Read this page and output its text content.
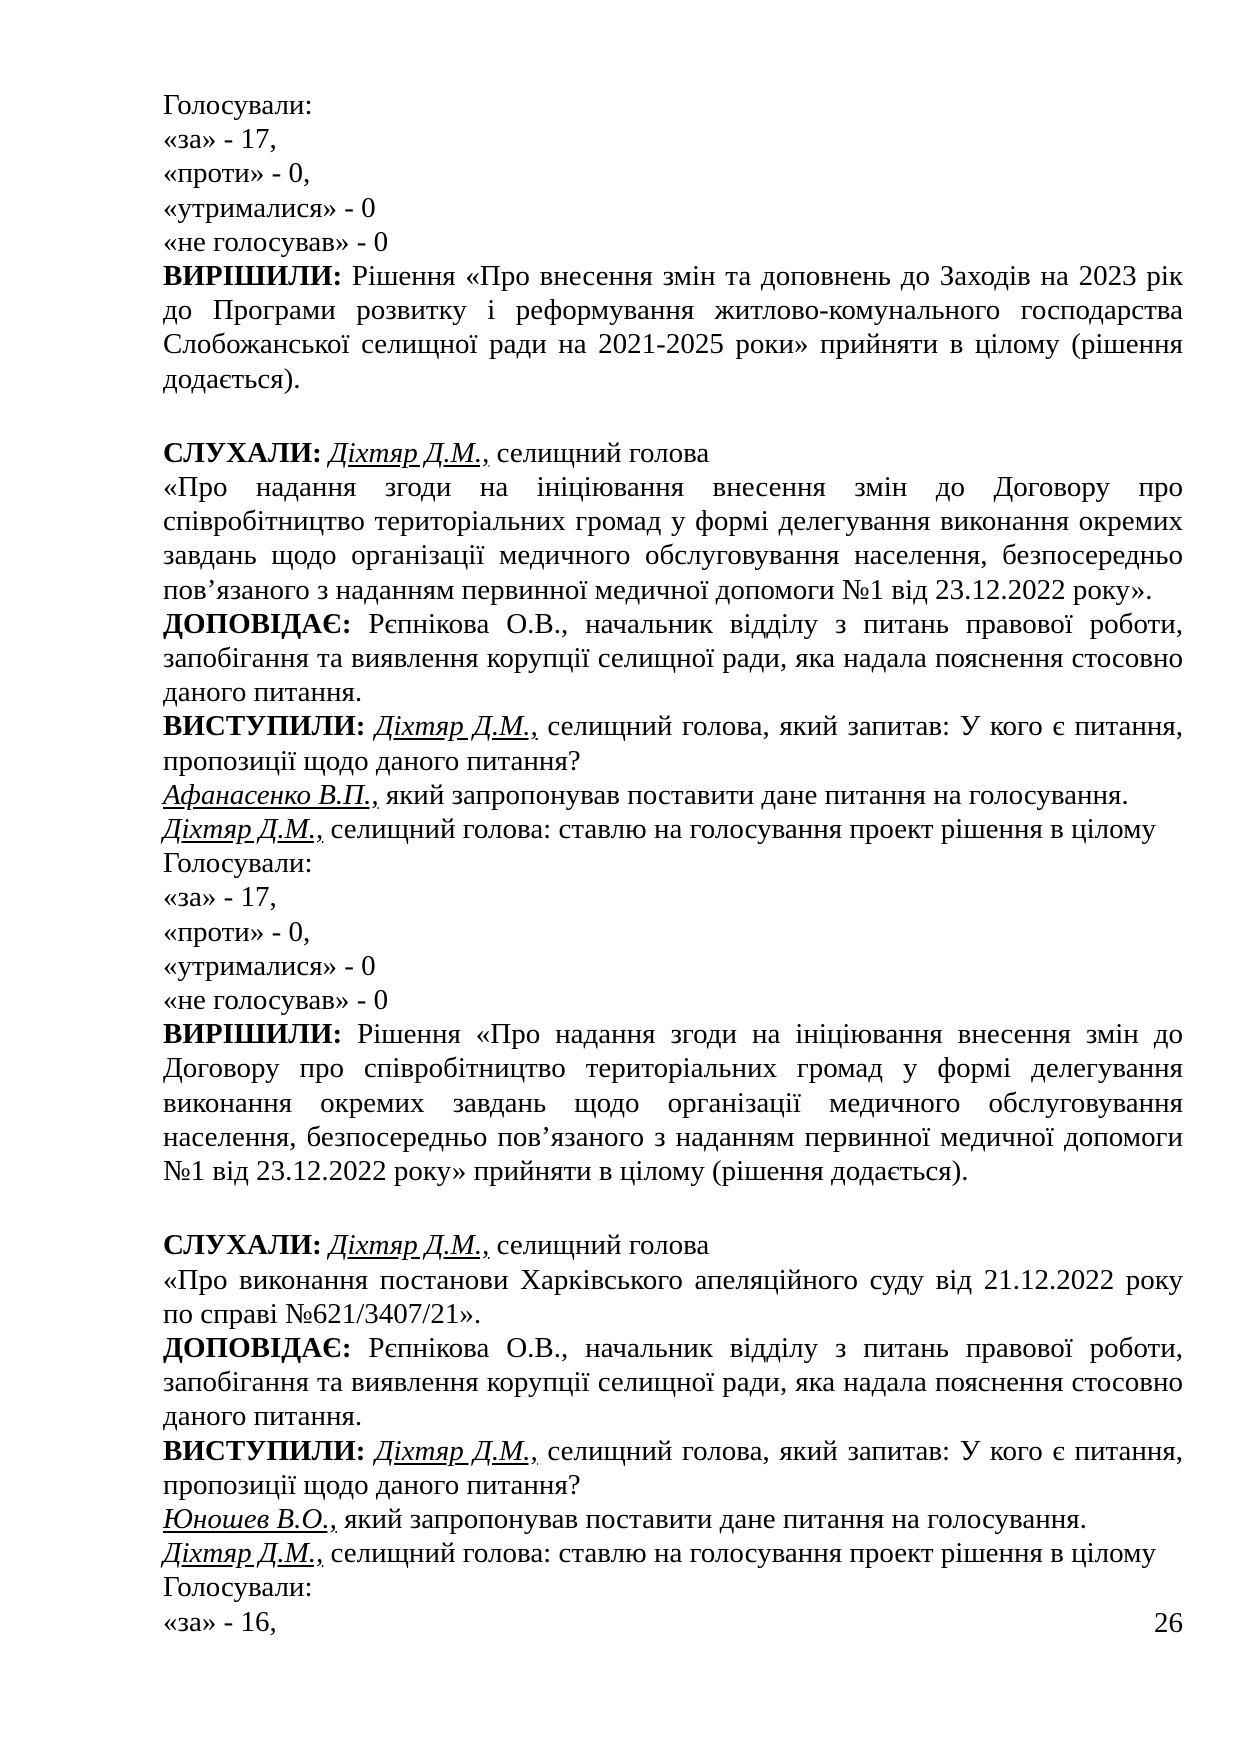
Голосували:
«за» - 17,
«проти» - 0,
«утрималися» - 0
«не голосував» - 0
ВИРІШИЛИ: Рішення «Про внесення змін та доповнень до Заходів на 2023 рік до Програми розвитку і реформування житлово-комунального господарства Слобожанської селищної ради на 2021-2025 роки» прийняти в цілому (рішення додається).
СЛУХАЛИ: Діхтяр Д.М., селищний голова
«Про надання згоди на ініціювання внесення змін до Договору про співробітництво територіальних громад у формі делегування виконання окремих завдань щодо організації медичного обслуговування населення, безпосередньо пов’язаного з наданням первинної медичної допомоги №1 від 23.12.2022 року».
ДОПОВІДАЄ: Рєпнікова О.В., начальник відділу з питань правової роботи, запобігання та виявлення корупції селищної ради, яка надала пояснення стосовно даного питання.
ВИСТУПИЛИ: Діхтяр Д.М., селищний голова, який запитав: У кого є питання, пропозиції щодо даного питання?
Афанасенко В.П., який запропонував поставити дане питання на голосування.
Діхтяр Д.М., селищний голова: ставлю на голосування проект рішення в цілому
Голосували:
«за» - 17,
«проти» - 0,
«утрималися» - 0
«не голосував» - 0
ВИРІШИЛИ: Рішення «Про надання згоди на ініціювання внесення змін до Договору про співробітництво територіальних громад у формі делегування виконання окремих завдань щодо організації медичного обслуговування населення, безпосередньо пов’язаного з наданням первинної медичної допомоги №1 від 23.12.2022 року» прийняти в цілому (рішення додається).
СЛУХАЛИ: Діхтяр Д.М., селищний голова
«Про виконання постанови Харківського апеляційного суду від 21.12.2022 року по справі №621/3407/21».
ДОПОВІДАЄ: Рєпнікова О.В., начальник відділу з питань правової роботи, запобігання та виявлення корупції селищної ради, яка надала пояснення стосовно даного питання.
ВИСТУПИЛИ: Діхтяр Д.М., селищний голова, який запитав: У кого є питання, пропозиції щодо даного питання?
Юношев В.О., який запропонував поставити дане питання на голосування.
Діхтяр Д.М., селищний голова: ставлю на голосування проект рішення в цілому
Голосували:
«за» - 16,	26
